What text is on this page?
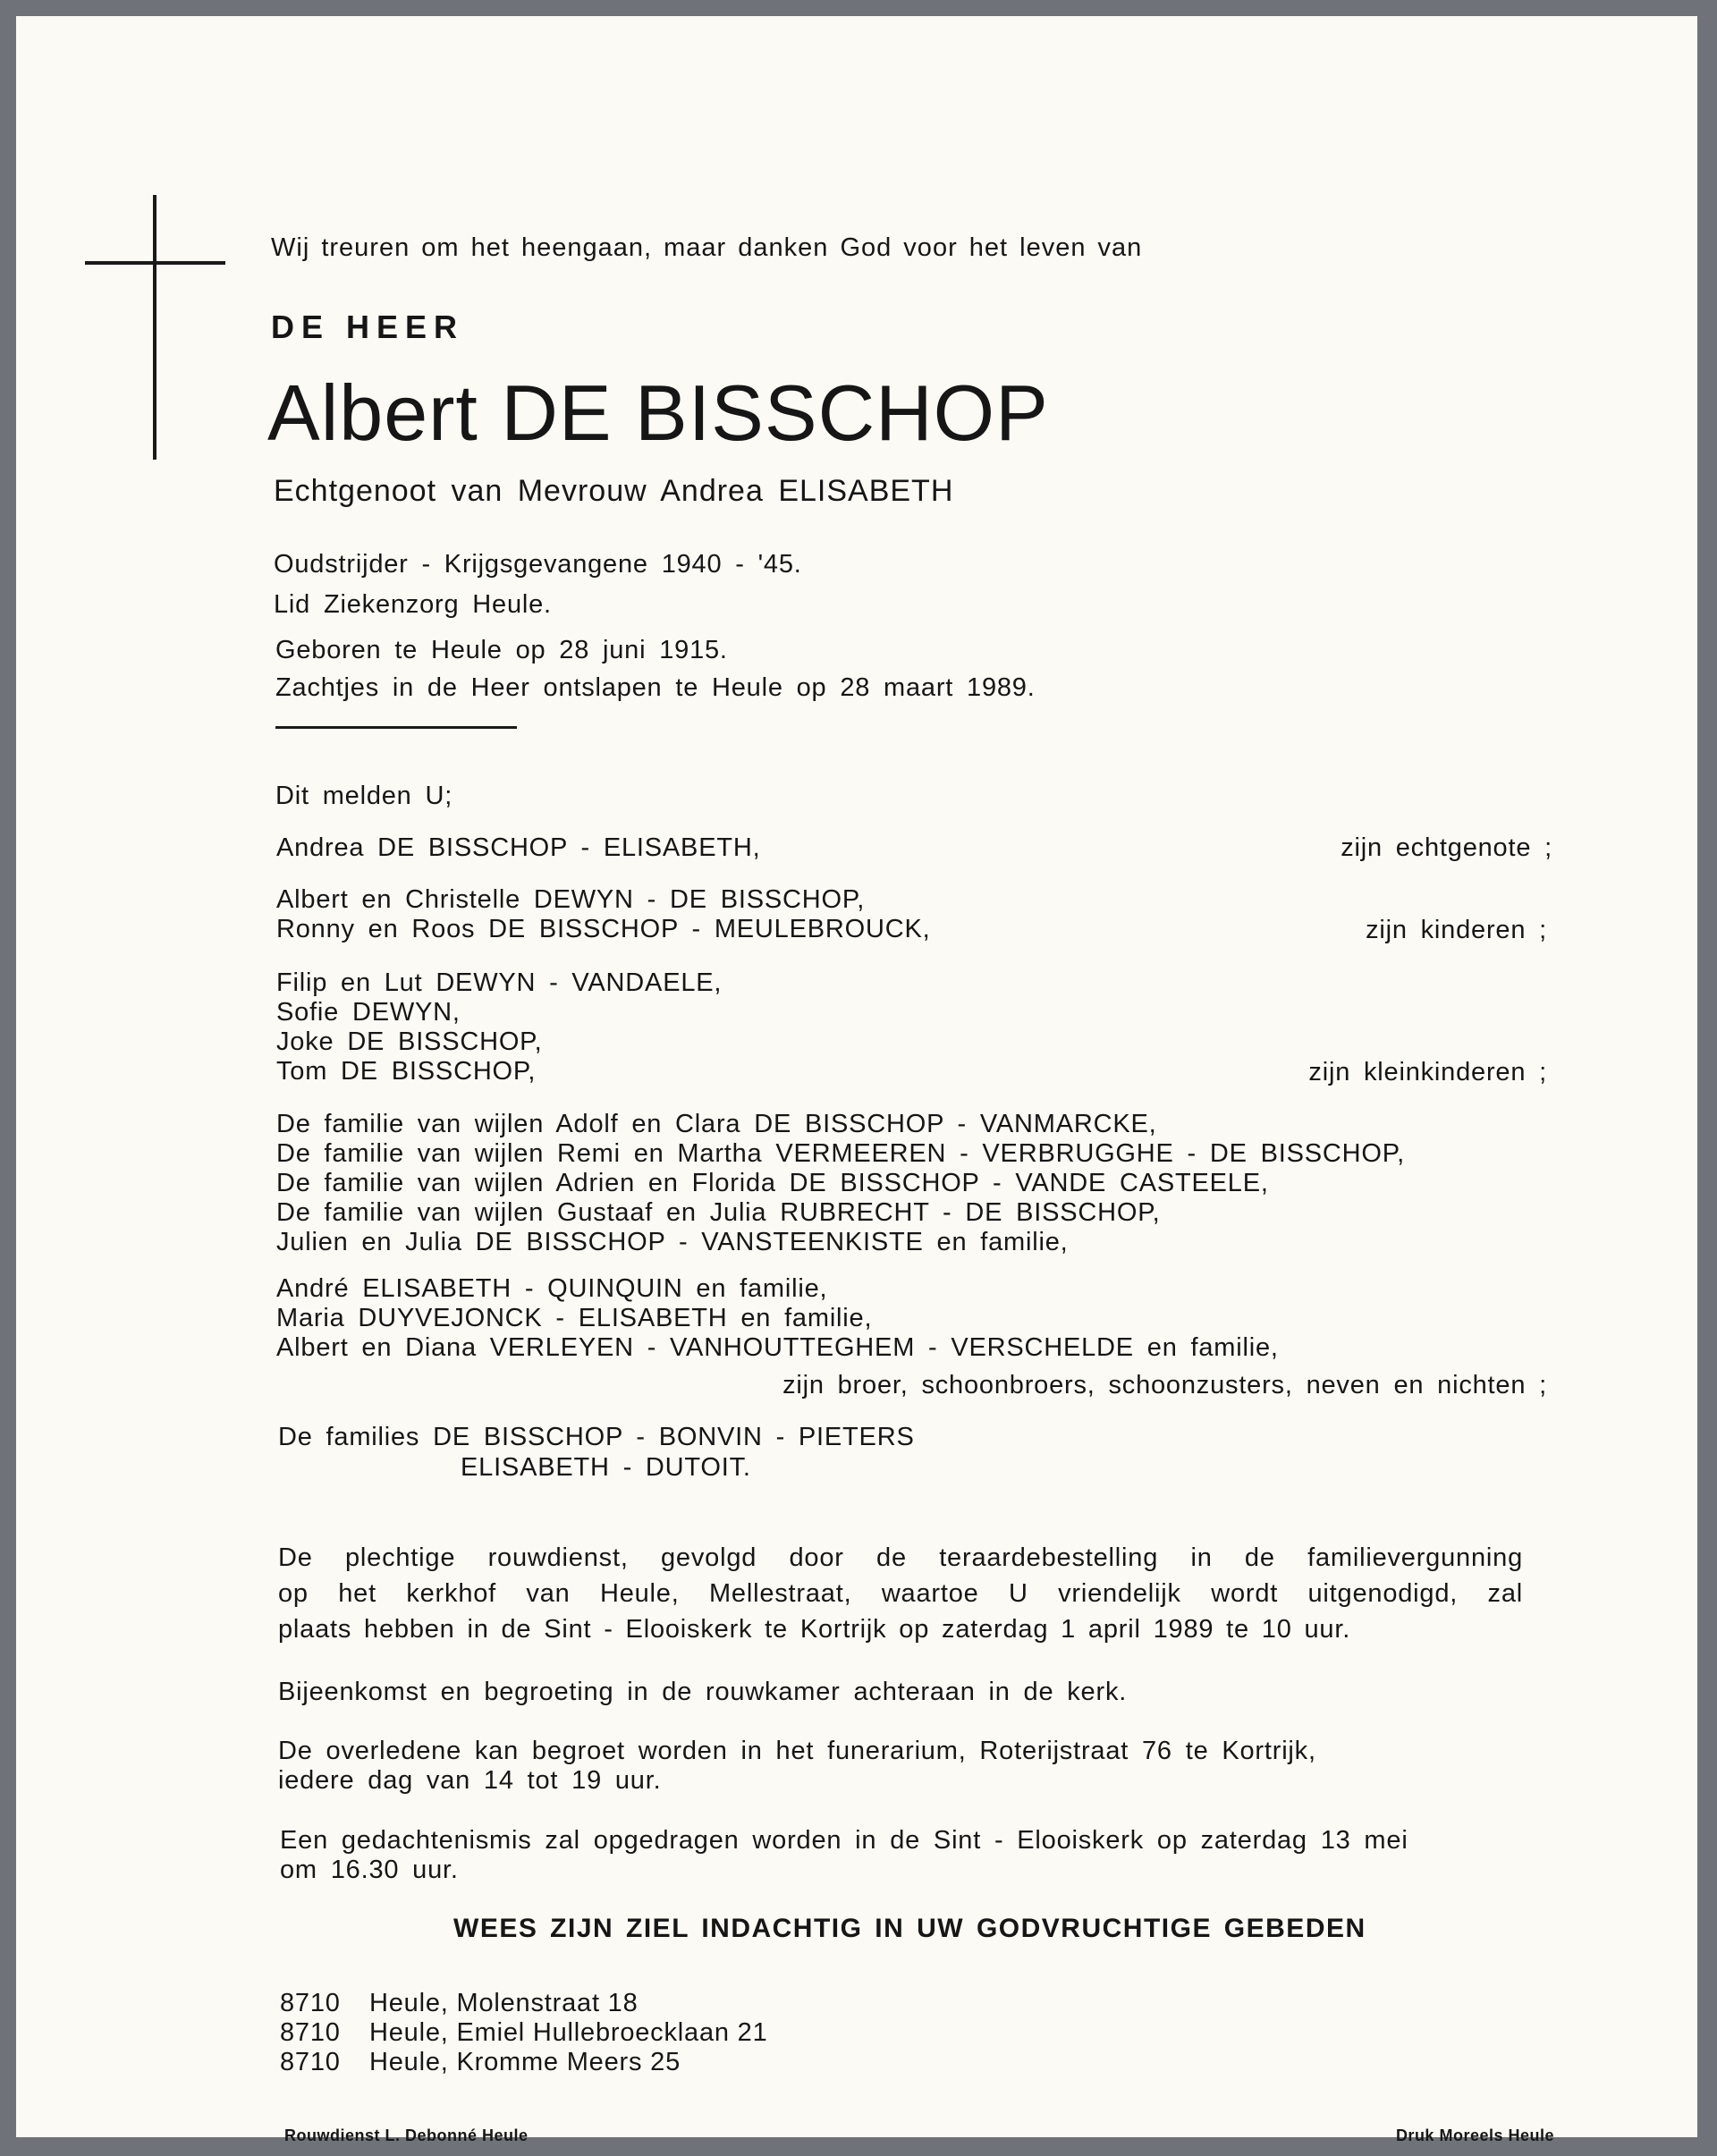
Wij treuren om het heengaan, maar danken God voor het leven van
DE HEER
Albert DE BISSCHOP
Echtgenoot van Mevrouw Andrea ELISABETH
Oudstrijder - Krijgsgevangene 1940 - '45.
Lid Ziekenzorg Heule.
Geboren te Heule op 28 juni 1915.
Zachtjes in de Heer ontslapen te Heule op 28 maart 1989.
Dit melden U;
Andrea DE BISSCHOP - ELISABETH,	zijn echtgenote ;
Albert en Christelle DEWYN - DE BISSCHOP,
Ronny en Roos DE BISSCHOP - MEULEBROUCK,	zijn kinderen ;
Filip en Lut DEWYN - VANDAELE,
Sofie DEWYN,
Joke DE BISSCHOP,
Tom DE BISSCHOP,	zijn kleinkinderen ;
De familie van wijlen Adolf en Clara DE BISSCHOP - VANMARCKE,
De familie van wijlen Remi en Martha VERMEEREN - VERBRUGGHE - DE BISSCHOP,
De familie van wijlen Adrien en Florida DE BISSCHOP - VANDE CASTEELE,
De familie van wijlen Gustaaf en Julia RUBRECHT - DE BISSCHOP,
Julien en Julia DE BISSCHOP - VANSTEENKISTE en familie,
André ELISABETH - QUINQUIN en familie,
Maria DUYVEJONCK - ELISABETH en familie,
Albert en Diana VERLEYEN - VANHOUTTEGHEM - VERSCHELDE en familie,
zijn broer, schoonbroers, schoonzusters, neven en nichten ;
De families DE BISSCHOP - BONVIN - PIETERS
ELISABETH - DUTOIT.
De plechtige rouwdienst, gevolgd door de teraardebestelling in de familievergunning
op het kerkhof van Heule, Mellestraat, waartoe U vriendelijk wordt uitgenodigd, zal
plaats hebben in de Sint - Elooiskerk te Kortrijk op zaterdag 1 april 1989 te 10 uur.
Bijeenkomst en begroeting in de rouwkamer achteraan in de kerk.
De overledene kan begroet worden in het funerarium, Roterijstraat 76 te Kortrijk,
iedere dag van 14 tot 19 uur.
Een gedachtenismis zal opgedragen worden in de Sint - Elooiskerk op zaterdag 13 mei
om 16.30 uur.
WEES ZIJN ZIEL INDACHTIG IN UW GODVRUCHTIGE GEBEDEN
8710 Heule, Molenstraat 18
8710 Heule, Emiel Hullebroecklaan 21
8710 Heule, Kromme Meers 25
Rouwdienst L. Debonné Heule	Druk Moreels Heule
